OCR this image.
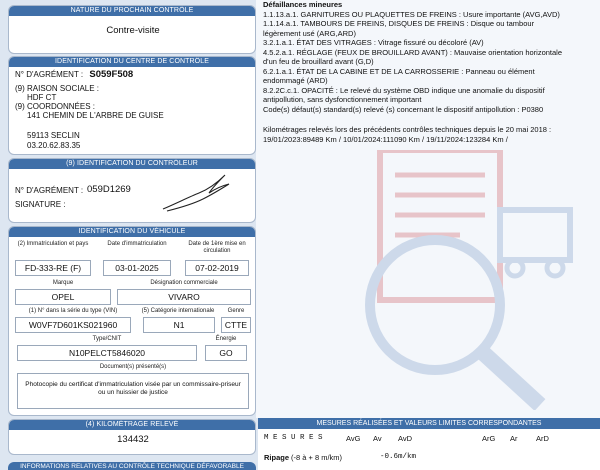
NATURE DU PROCHAIN CONTRÔLE
Contre-visite
IDENTIFICATION DU CENTRE DE CONTRÔLE
N° D'AGRÉMENT : S059F508
(9) RAISON SOCIALE :
HDF CT
(9) COORDONNÉES :
141 CHEMIN DE L'ARBRE DE GUISE
59113 SECLIN
03.20.62.83.35
(9) IDENTIFICATION DU CONTRÔLEUR
N° D'AGRÉMENT : 059D1269
SIGNATURE :
IDENTIFICATION DU VÉHICULE
(2) Immatriculation et pays	Date d'immatriculation	Date de 1ère mise en circulation
FD-333-RE (F)	03-01-2025	07-02-2019
Marque	Désignation commerciale
OPEL	VIVARO
(1) N° dans la série du type (VIN)	(5) Catégorie internationale	Genre
W0VF7D601KS021960	N1	CTTE
Type/CNIT	Énergie
N10PELCT5846020	GO
Document(s) présenté(s)
Photocopie du certificat d'immatriculation visée par un commissaire-priseur ou un huissier de justice
(4) KILOMÉTRAGE RELEVÉ
134432
INFORMATIONS RELATIVES AU CONTRÔLE TECHNIQUE DÉFAVORABLE
Défaillances mineures
1.1.13.a.1. GARNITURES OU PLAQUETTES DE FREINS : Usure importante (AVG,AVD)
1.1.14.a.1. TAMBOURS DE FREINS, DISQUES DE FREINS : Disque ou tambour
légèrement usé (ARG,ARD)
3.2.1.a.1. ÉTAT DES VITRAGES : Vitrage fissuré ou décoloré (AV)
4.5.2.a.1. RÉGLAGE (FEUX DE BROUILLARD AVANT) : Mauvaise orientation horizontale
d'un feu de brouillard avant (G,D)
6.2.1.a.1. ÉTAT DE LA CABINE ET DE LA CARROSSERIE : Panneau ou élément
endommagé (ARD)
8.2.2C.c.1. OPACITÉ : Le relevé du système OBD indique une anomalie du dispositif
antipollution, sans dysfonctionnement important
Code(s) défaut(s) standard(s) relevé (s) concernant le dispositif antipollution : P0380
Kilométrages relevés lors des précédents contrôles techniques depuis le 20 mai 2018 :
19/01/2023:89489 Km / 10/01/2024:111090 Km / 19/11/2024:123284 Km /
MESURES RÉALISÉES ET VALEURS LIMITES CORRESPONDANTES
M E S U R E S	AvG Av AvD	ArG Ar ArD
Ripage (-8 à + 8 m/km)	-0.6m/km
